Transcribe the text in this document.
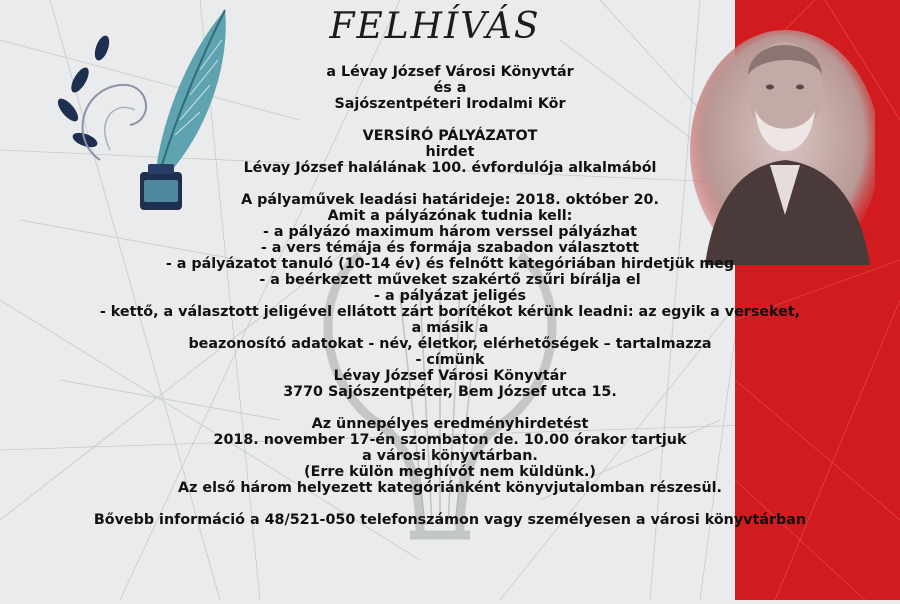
FELHÍVÁS
a Lévay József Városi Könyvtár
és a
Sajószentpéteri Irodalmi Kör
VERSÍRÓ PÁLYÁZATOT
hirdet
Lévay József halálának 100. évfordulója alkalmából
A pályaművek leadási határideje: 2018. október 20.
Amit a pályázónak tudnia kell:
- a pályázó maximum három verssel pályázhat
- a vers témája és formája szabadon választott
- a pályázatot tanuló (10-14 év) és felnőtt kategóriában hirdetjük meg
- a beérkezett műveket szakértő zsűri bírálja el
- a pályázat jeligés
- kettő, a választott jeligével ellátott zárt borítékot kérünk leadni: az egyik a verseket,
a másik a
beazonosító adatokat - név, életkor, elérhetőségek – tartalmazza
- címünk
Lévay József Városi Könyvtár
3770 Sajószentpéter, Bem József utca 15.
Az ünnepélyes eredményhirdetést
2018. november 17-én szombaton de. 10.00 órakor tartjuk
a városi könyvtárban.
(Erre külön meghívót nem küldünk.)
Az első három helyezett kategóriánként könyvjutalomban részesül.
Bővebb információ a 48/521-050 telefonszámon vagy személyesen a városi könyvtárban
